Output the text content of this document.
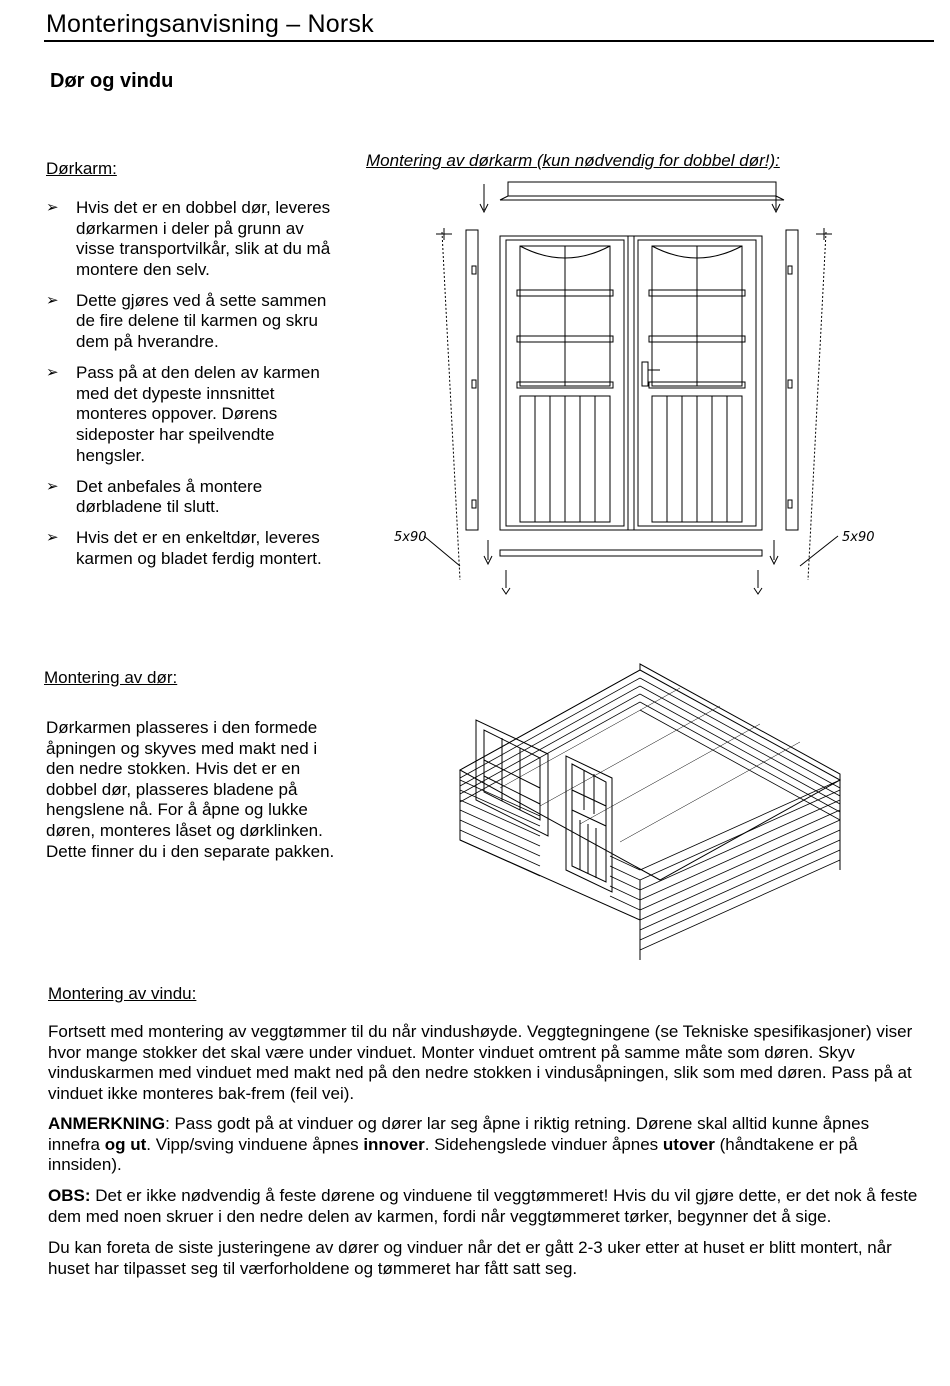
Monteringsanvisning – Norsk
Dør og vindu
Dørkarm:
➢ Hvis det er en dobbel dør, leveres dørkarmen i deler på grunn av visse transportvilkår, slik at du må montere den selv.
➢ Dette gjøres ved å sette sammen de fire delene til karmen og skru dem på hverandre.
➢ Pass på at den delen av karmen med det dypeste innsnittet monteres oppover. Dørens sideposter har speilvendte hengsler.
➢ Det anbefales å montere dørbladene til slutt.
➢ Hvis det er en enkeltdør, leveres karmen og bladet ferdig montert.
Montering av dørkarm (kun nødvendig for dobbel dør!):
5x90	5x90
Montering av dør:
Dørkarmen plasseres i den formede åpningen og skyves med makt ned i den nedre stokken. Hvis det er en dobbel dør, plasseres bladene på hengslene nå. For å åpne og lukke døren, monteres låset og dørklinken. Dette finner du i den separate pakken.
Montering av vindu:
Fortsett med montering av veggtømmer til du når vindushøyde. Veggtegningene (se Tekniske spesifikasjoner) viser hvor mange stokker det skal være under vinduet. Monter vinduet omtrent på samme måte som døren. Skyv vinduskarmen med vinduet med makt ned på den nedre stokken i vindusåpningen, slik som med døren. Pass på at vinduet ikke monteres bak-frem (feil vei).
ANMERKNING: Pass godt på at vinduer og dører lar seg åpne i riktig retning. Dørene skal alltid kunne åpnes innefra og ut. Vipp/sving vinduene åpnes innover. Sidehengslede vinduer åpnes utover (håndtakene er på innsiden).
OBS: Det er ikke nødvendig å feste dørene og vinduene til veggtømmeret! Hvis du vil gjøre dette, er det nok å feste dem med noen skruer i den nedre delen av karmen, fordi når veggtømmeret tørker, begynner det å sige.
Du kan foreta de siste justeringene av dører og vinduer når det er gått 2-3 uker etter at huset er blitt montert, når huset har tilpasset seg til værforholdene og tømmeret har fått satt seg.
